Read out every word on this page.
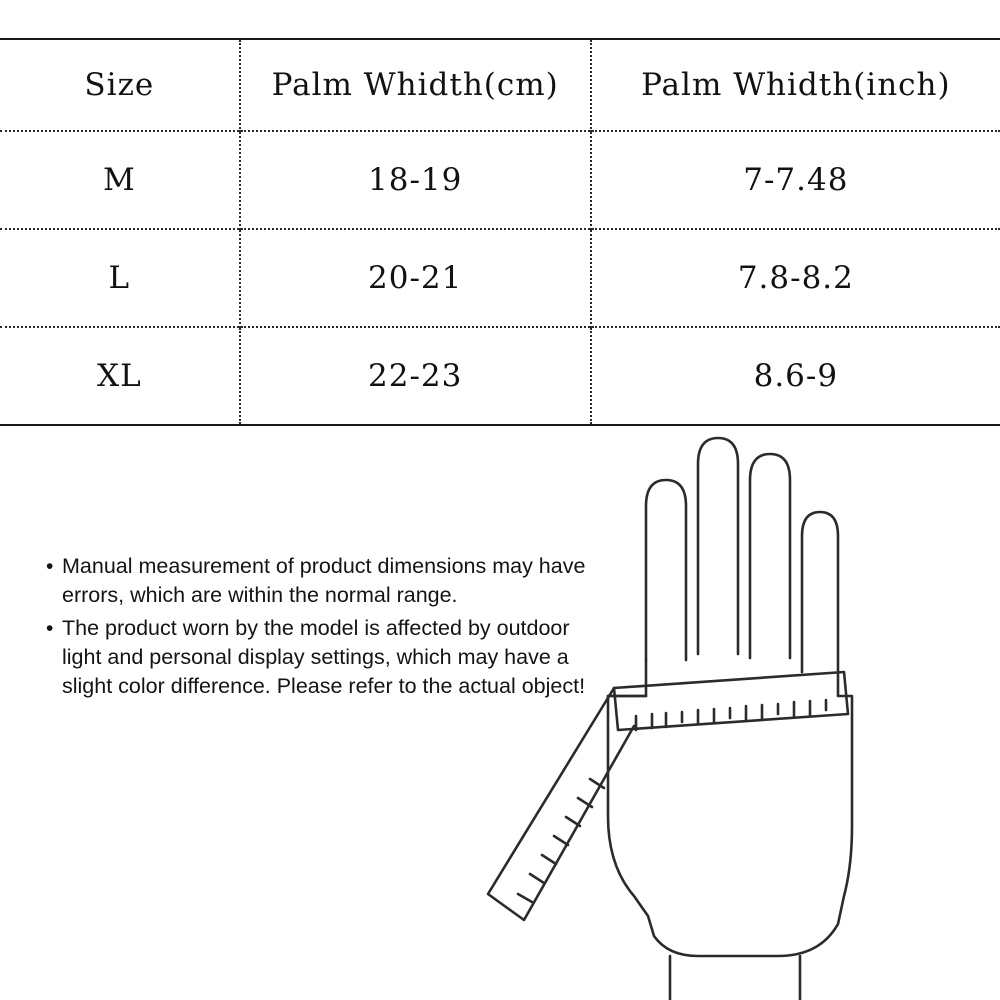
Size	Palm Whidth(cm)	Palm Whidth(inch)
M	18-19	7-7.48
L	20-21	7.8-8.2
XL	22-23	8.6-9
• Manual measurement of product dimensions may have errors, which are within the normal range.
• The product worn by the model is affected by outdoor light and personal display settings, which may have a slight color difference. Please refer to the actual object!
